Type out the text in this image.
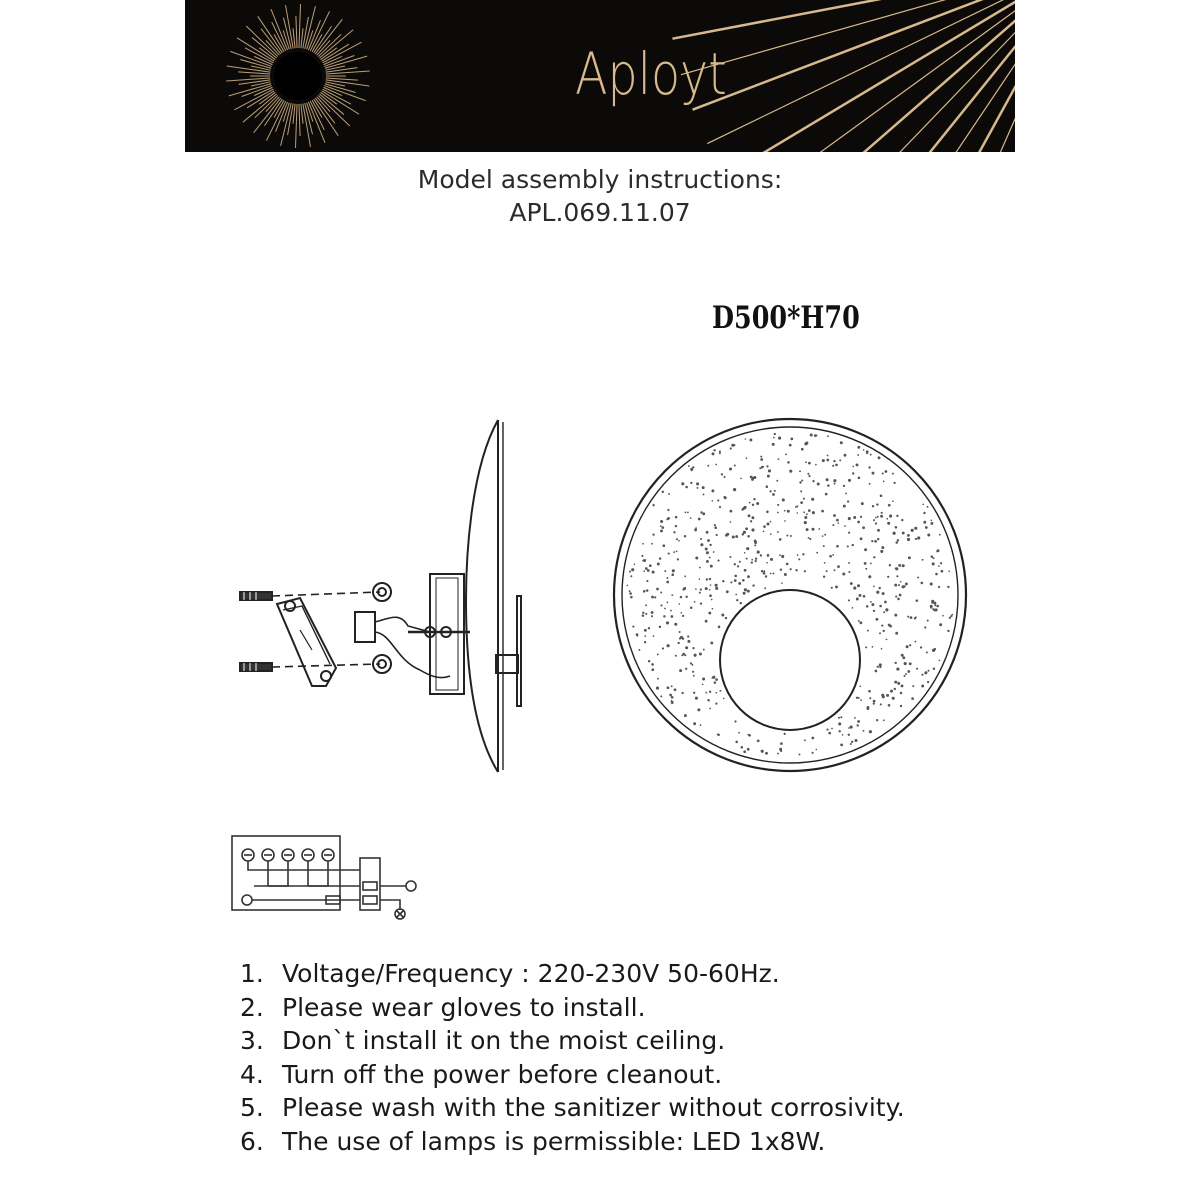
Aployt
Model assembly instructions:
APL.069.11.07
D500*H70
1. Voltage/Frequency : 220-230V 50-60Hz.
2. Please wear gloves to install.
3. Don`t install it on the moist ceiling.
4. Turn off the power before cleanout.
5. Please wash with the sanitizer without corrosivity.
6. The use of lamps is permissible: LED 1x8W.
